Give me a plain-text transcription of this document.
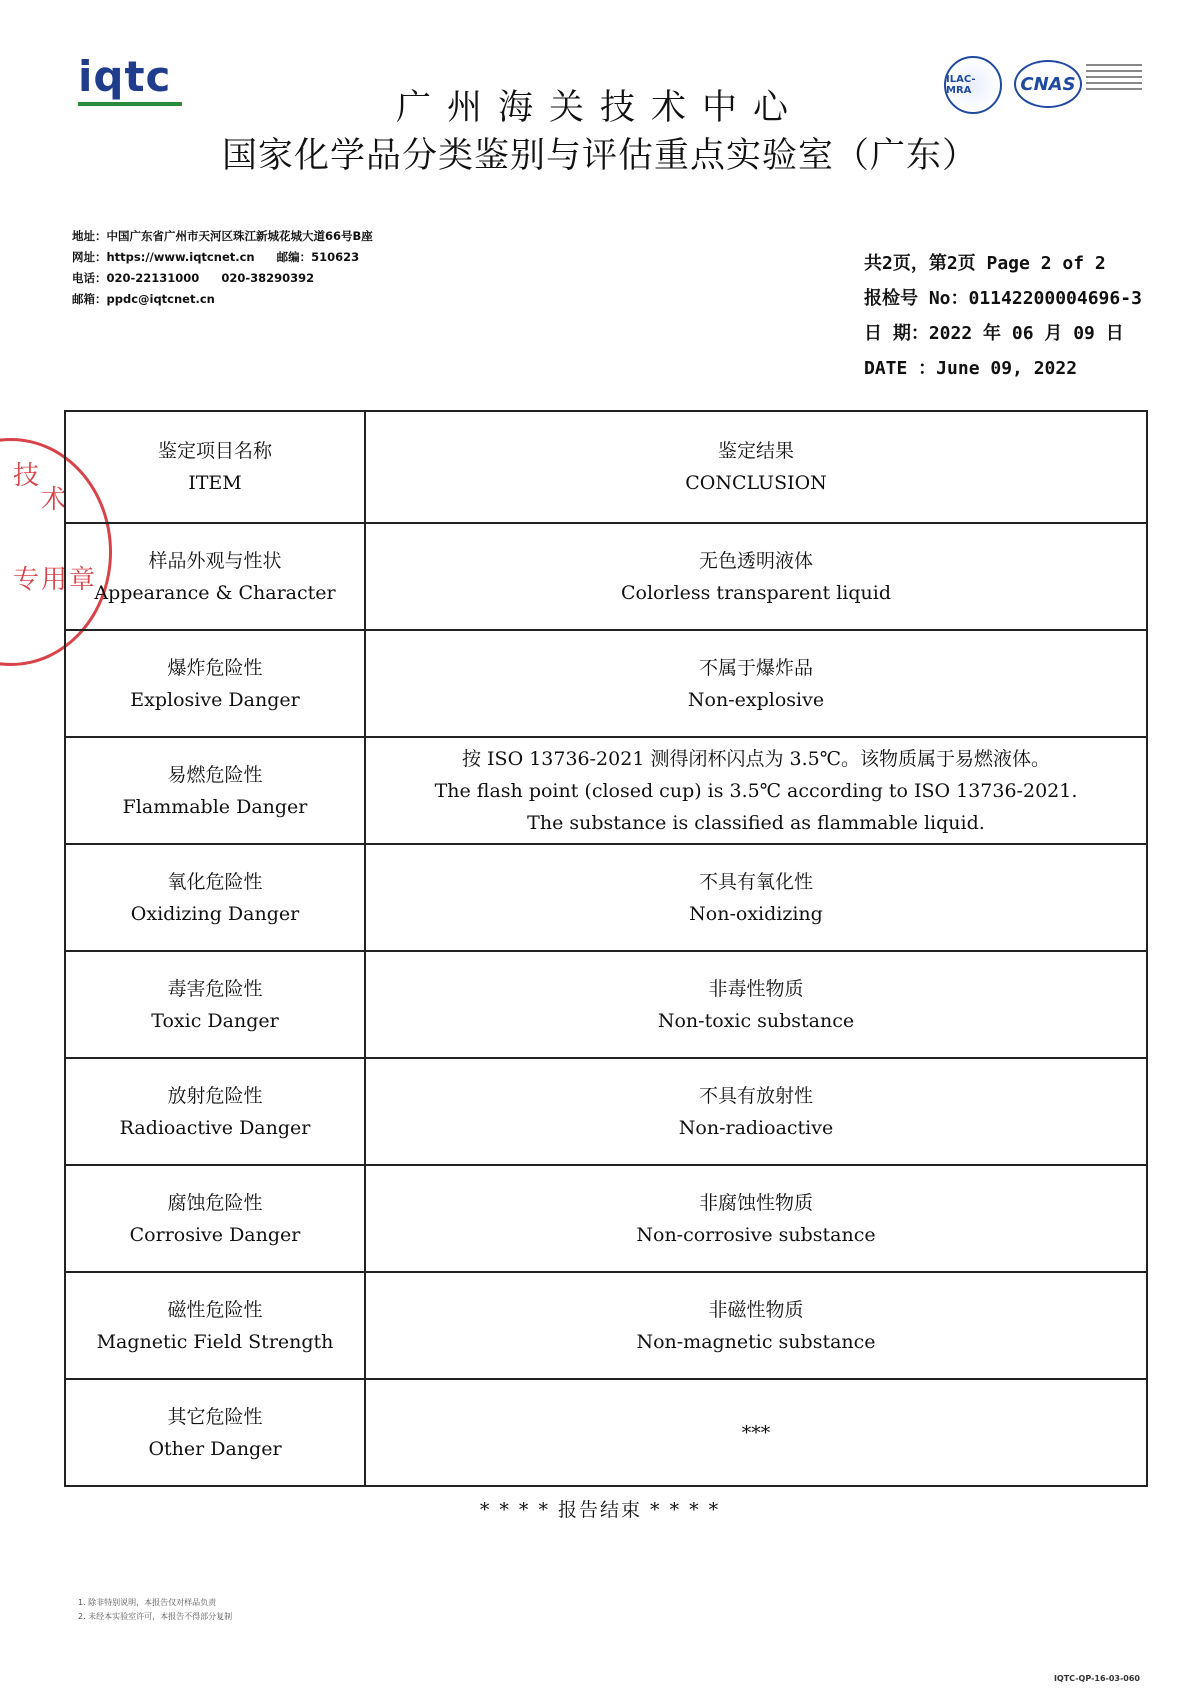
iqtc
广州海关技术中心
国家化学品分类鉴别与评估重点实验室（广东）
ILAC-MRA	CNAS
地址：中国广东省广州市天河区珠江新城花城大道66号B座
网址：https://www.iqtcnet.cn 邮编：510623
电话：020-22131000 020-38290392
邮箱：ppdc@iqtcnet.cn
共2页，第2页 Page 2 of 2
报检号 No：01142200004696-3
日 期：2022 年 06 月 09 日
DATE ：June 09, 2022
技
术
专 用 章
鉴定项目名称
ITEM
鉴定结果
CONCLUSION
样品外观与性状
Appearance & Character
无色透明液体
Colorless transparent liquid
爆炸危险性
Explosive Danger
不属于爆炸品
Non-explosive
易燃危险性
Flammable Danger
按 ISO 13736-2021 测得闭杯闪点为 3.5℃。该物质属于易燃液体。
The flash point (closed cup) is 3.5℃ according to ISO 13736-2021.
The substance is classified as flammable liquid.
氧化危险性
Oxidizing Danger
不具有氧化性
Non-oxidizing
毒害危险性
Toxic Danger
非毒性物质
Non-toxic substance
放射危险性
Radioactive Danger
不具有放射性
Non-radioactive
腐蚀危险性
Corrosive Danger
非腐蚀性物质
Non-corrosive substance
磁性危险性
Magnetic Field Strength
非磁性物质
Non-magnetic substance
其它危险性
Other Danger
***
* * * * 报告结束 * * * *
1. 除非特别说明，本报告仅对样品负责
2. 未经本实验室许可，本报告不得部分复制
IQTC-QP-16-03-060
